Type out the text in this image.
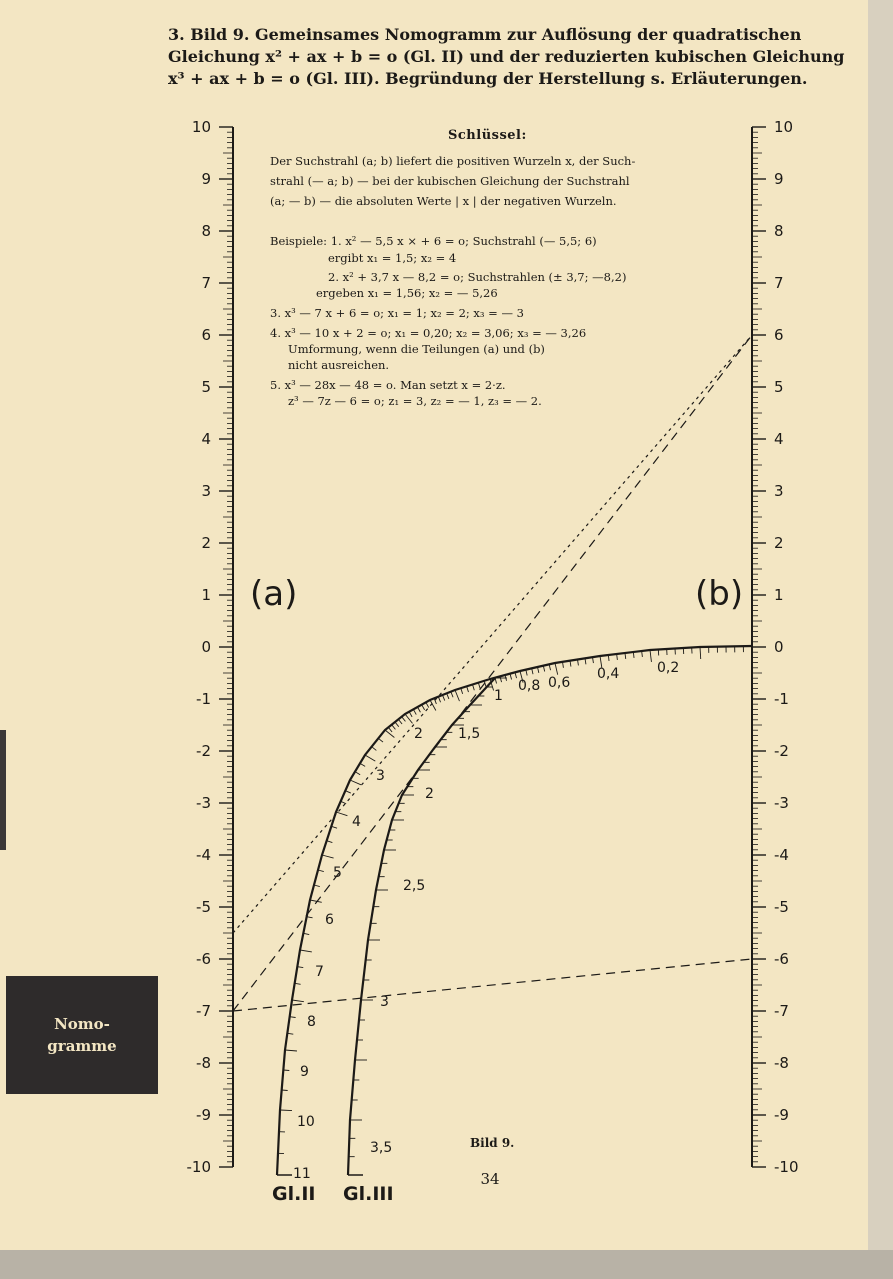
3. Bild 9. Gemeinsames Nomogramm zur Auflösung der quadratischen
Gleichung x² + ax + b = o (Gl. II) und der reduzierten kubischen Gleichung
x³ + ax + b = o (Gl. III). Begründung der Herstellung s. Erläuterungen.
10	10
9	9
8	8
7	7
6	6
5	5
4	4
3	3
2	2
1	1
0	0
-1	-1
-2	-2
-3	-3
-4	-4
-5	-5
-6	-6
-7	-7
-8	-8
-9	-9
-10	-10
0,8 0,6
0,4	0,2
1
2
3
4
5
6
7
8
9
10
11
1,5
2
2,5
3
3,5
Schlüssel:
Der Suchstrahl (a; b) liefert die positiven Wurzeln x, der Such-
strahl (— a; b) — bei der kubischen Gleichung der Suchstrahl
(a; — b) — die absoluten Werte | x | der negativen Wurzeln.
Beispiele: 1. x² — 5,5 x × + 6 = o; Suchstrahl (— 5,5; 6)
ergibt x₁ = 1,5; x₂ = 4
2. x² + 3,7 x — 8,2 = o; Suchstrahlen (± 3,7; —8,2)
ergeben x₁ = 1,56; x₂ = — 5,26
3. x³ — 7 x + 6 = o; x₁ = 1; x₂ = 2; x₃ = — 3
4. x³ — 10 x + 2 = o; x₁ = 0,20; x₂ = 3,06; x₃ = — 3,26
Umformung, wenn die Teilungen (a) und (b)
nicht ausreichen.
5. x³ — 28x — 48 = o. Man setzt x = 2·z.
z³ — 7z — 6 = o; z₁ = 3, z₂ = — 1, z₃ = — 2.
(a)	(b)
Gl.II Gl.III
Bild 9.
Nomo-
gramme
34
